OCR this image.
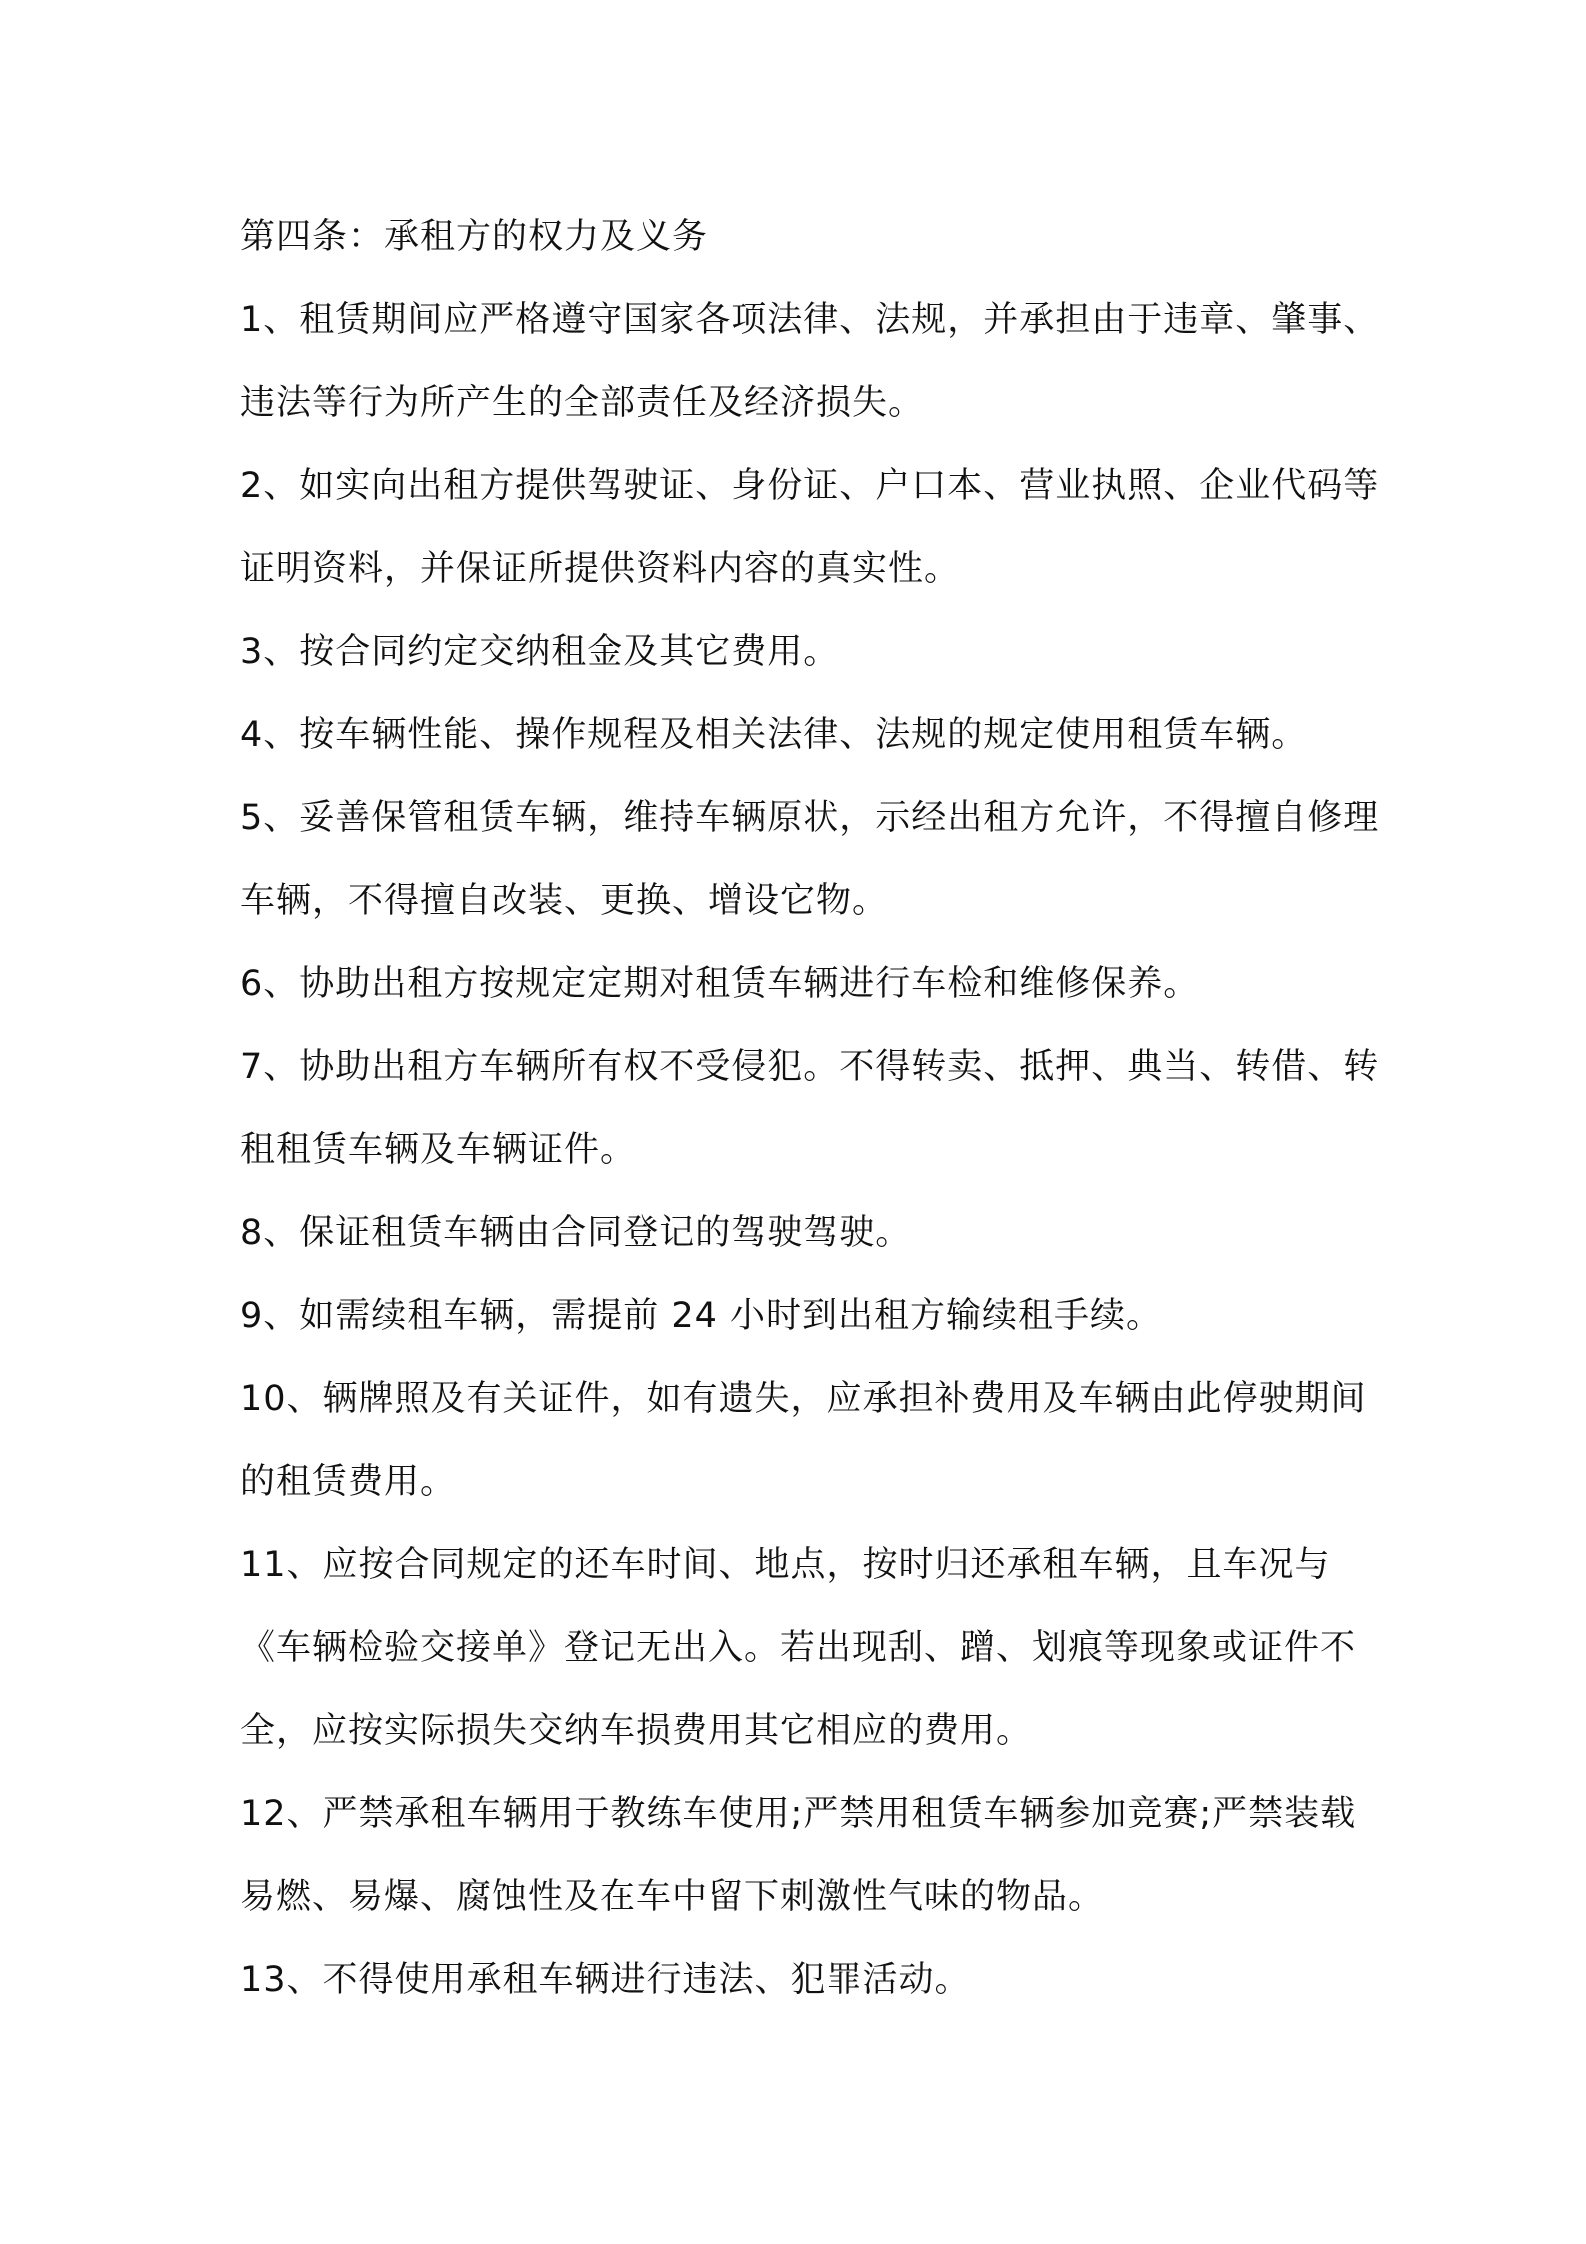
第四条：承租方的权力及义务

1、租赁期间应严格遵守国家各项法律、法规，并承担由于违章、肇事、违法等行为所产生的全部责任及经济损失。

2、如实向出租方提供驾驶证、身份证、户口本、营业执照、企业代码等证明资料，并保证所提供资料内容的真实性。

3、按合同约定交纳租金及其它费用。

4、按车辆性能、操作规程及相关法律、法规的规定使用租赁车辆。

5、妥善保管租赁车辆，维持车辆原状，示经出租方允许，不得擅自修理车辆，不得擅自改装、更换、增设它物。

6、协助出租方按规定定期对租赁车辆进行车检和维修保养。

7、协助出租方车辆所有权不受侵犯。不得转卖、抵押、典当、转借、转租租赁车辆及车辆证件。

8、保证租赁车辆由合同登记的驾驶驾驶。

9、如需续租车辆，需提前 24 小时到出租方输续租手续。

10、辆牌照及有关证件，如有遗失，应承担补费用及车辆由此停驶期间的租赁费用。

11、应按合同规定的还车时间、地点，按时归还承租车辆，且车况与《车辆检验交接单》登记无出入。若出现刮、蹭、划痕等现象或证件不全，应按实际损失交纳车损费用其它相应的费用。

12、严禁承租车辆用于教练车使用;严禁用租赁车辆参加竞赛;严禁装载易燃、易爆、腐蚀性及在车中留下刺激性气味的物品。

13、不得使用承租车辆进行违法、犯罪活动。
